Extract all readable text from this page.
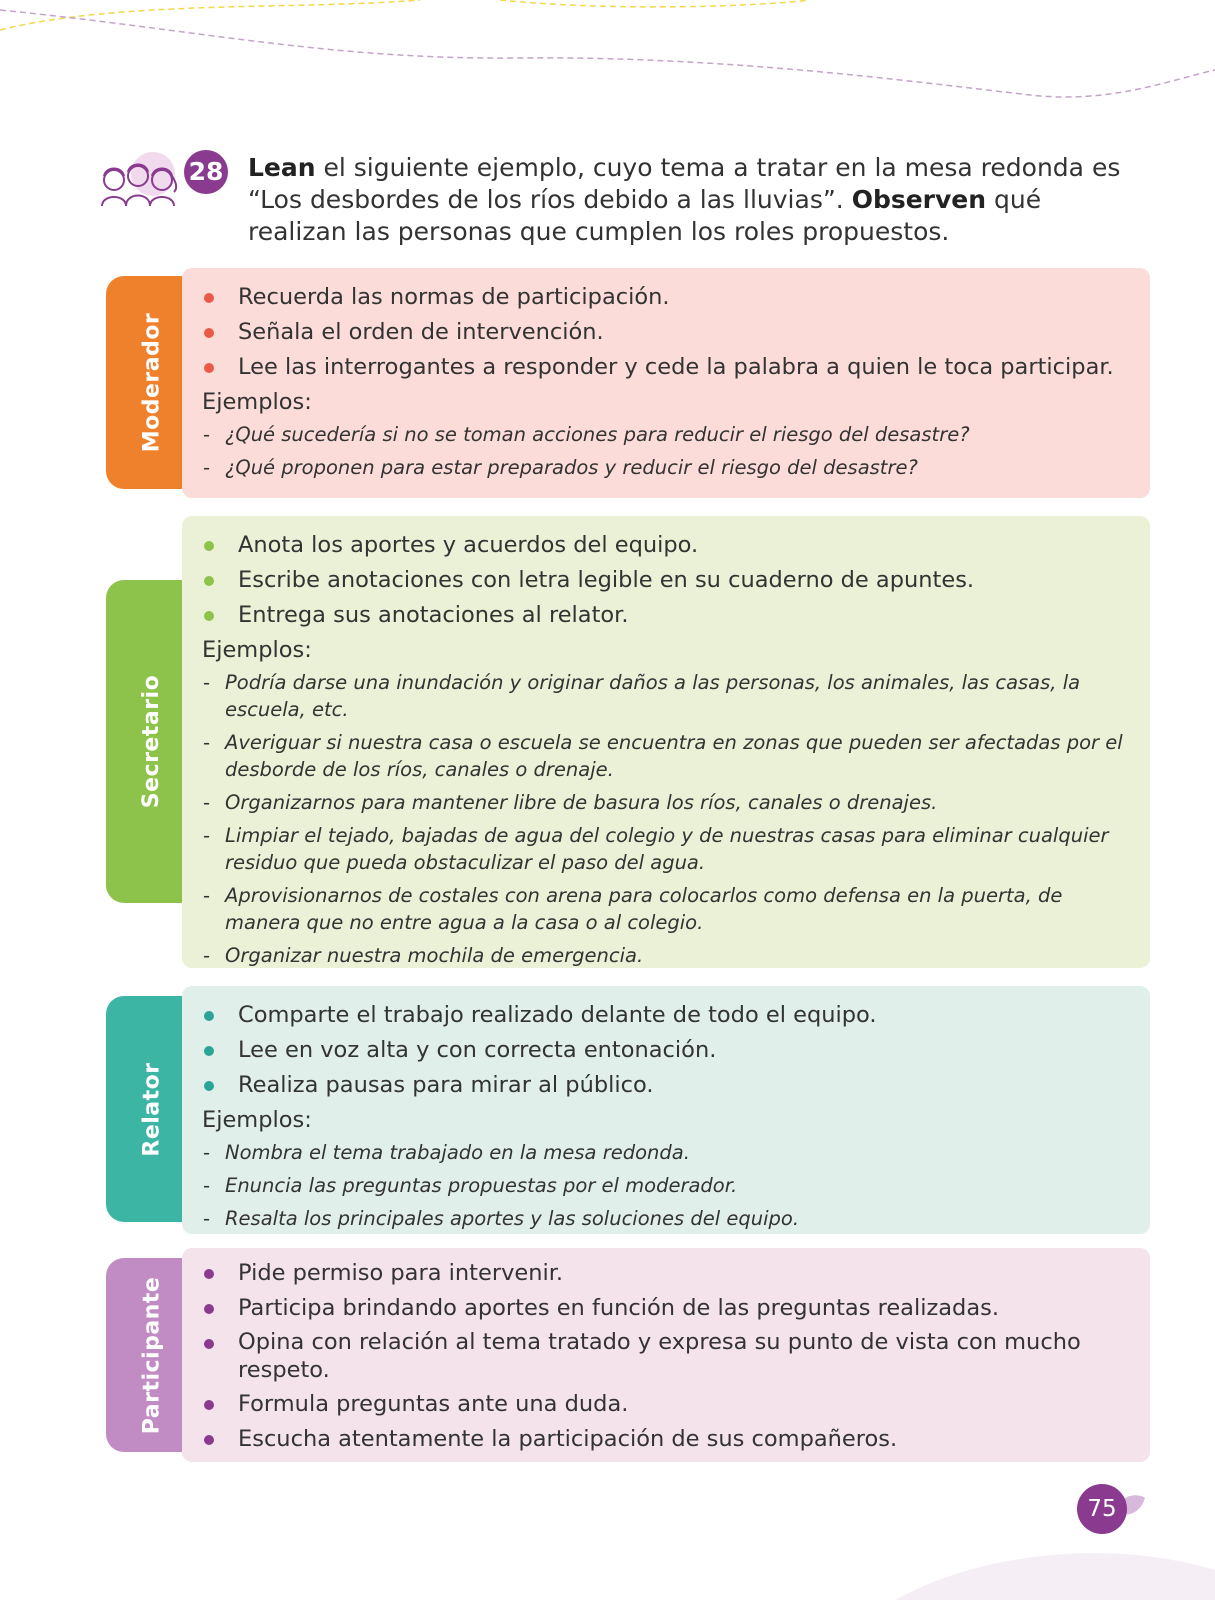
28 Lean el siguiente ejemplo, cuyo tema a tratar en la mesa redonda es “Los desbordes de los ríos debido a las lluvias”. Observen qué realizan las personas que cumplen los roles propuestos.

Moderador
Recuerda las normas de participación.
Señala el orden de intervención.
Lee las interrogantes a responder y cede la palabra a quien le toca participar.

Ejemplos:

- ¿Qué sucedería si no se toman acciones para reducir el riesgo del desastre?
- ¿Qué proponen para estar preparados y reducir el riesgo del desastre?
Secretario
Anota los aportes y acuerdos del equipo.
Escribe anotaciones con letra legible en su cuaderno de apuntes.
Entrega sus anotaciones al relator.

Ejemplos:

- Podría darse una inundación y originar daños a las personas, los animales, las casas, la escuela, etc.
- Averiguar si nuestra casa o escuela se encuentra en zonas que pueden ser afectadas por el desborde de los ríos, canales o drenaje.
- Organizarnos para mantener libre de basura los ríos, canales o drenajes.
- Limpiar el tejado, bajadas de agua del colegio y de nuestras casas para eliminar cualquier residuo que pueda obstaculizar el paso del agua.
- Aprovisionarnos de costales con arena para colocarlos como defensa en la puerta, de manera que no entre agua a la casa o al colegio.
- Organizar nuestra mochila de emergencia.
Relator
Comparte el trabajo realizado delante de todo el equipo.
Lee en voz alta y con correcta entonación.
Realiza pausas para mirar al público.

Ejemplos:

- Nombra el tema trabajado en la mesa redonda.
- Enuncia las preguntas propuestas por el moderador.
- Resalta los principales aportes y las soluciones del equipo.
Participante
Pide permiso para intervenir.
Participa brindando aportes en función de las preguntas realizadas.
Opina con relación al tema tratado y expresa su punto de vista con mucho respeto.
Formula preguntas ante una duda.
Escucha atentamente la participación de sus compañeros.
75
